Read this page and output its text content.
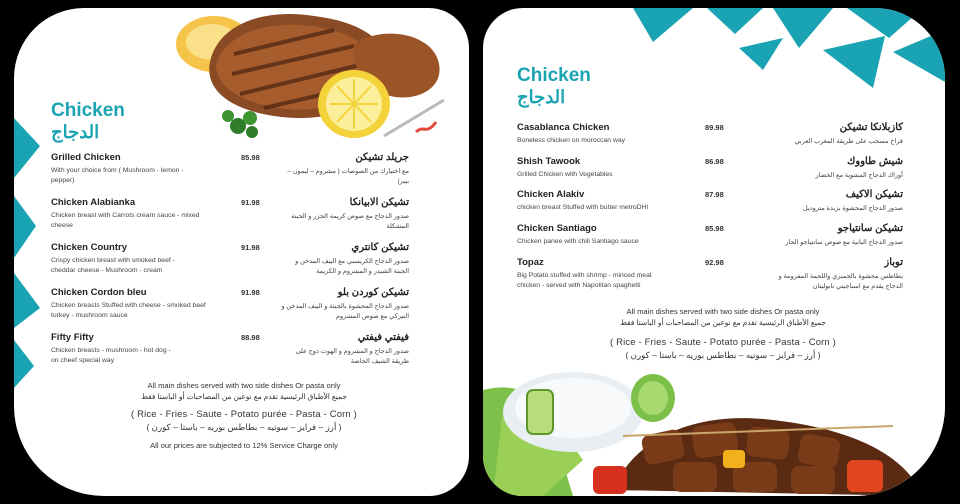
Chicken
الدجاج
Grilled Chicken
With your choice from ( Mushroom - lemon -
pepper)
85.98	جريلد تشيكن
مع اختيارك من الصوصات ( مشروم – ليمون –
بيبر)
Chicken Alabianka
Chicken breast with Carrots cream sauce - mixed
cheese
91.98	تشيكن الابيانكا
صدور الدجاج مع صوص كريمة الجزر و الجبنة
المشكلة
Chicken Country
Crispy chicken breast with smoked beef -
cheddar cheese - Mushroom - cream
91.98	تشيكن كانتري
صدور الدجاج الكريسبي مع البيف المدخن و
الجبنة الشيدر و المشروم و الكريمة
Chicken Cordon bleu
Chicken breasts Stuffed with cheese - smoked beef
turkey - mushroom sauce
91.98	تشيكن كوردن بلو
صدور الدجاج المحشوة بالجبنة و البيف المدخن و
التيركي مع صوص المشروم
Fifty Fifty
Chicken breasts - mushroom - hot dog -
on cheef special way
88.98	فيفتي فيفتي
صدور الدجاج و المشروم و الهوت دوج على
طريقة الشيف الخاصة
All main dishes served with two side dishes Or pasta only
جميع الأطباق الرئيسية تقدم مع نوعين من المصاحبات أو الباستا فقط
( Rice - Fries - Saute - Potato purée - Pasta - Corn )
( أرز – فرايز – سوتيه – بطاطس بوريه – باستا – كورن )
All our prices are subjected to 12% Service Charge only
Chicken
الدجاج
Casablanca Chicken
Boneless chicken on moroccan way
89.98	كازبلانكا تشيكن
فراخ مسحب على طريقة المغرب العربي
Shish Tawook
Grilled Chicken with Vegetables
86.98	شيش طاووك
أوراك الدجاج المشوية مع الخضار
Chicken Alakiv
chicken breast Stuffed with butter metroDHl
87.98	تشيكن الاكيف
صدور الدجاج المحشوة بزبدة متروديل
Chicken Santiago
Chicken panee with chili Santiago sauce
85.98	تشيكن سانتياجو
صدور الدجاج البانية مع صوص سانتياجو الحار
Topaz
Big Potato stuffed with shrimp - minced meat
chicken - served with Napolitan spaghetti
92.98	توباز
بطاطس محشوة بالجمبري واللحمة المفرومة و
الدجاج يقدم مع اسباجيتي نابوليتان
All main dishes served with two side dishes Or pasta only
جميع الأطباق الرئيسية تقدم مع نوعين من المصاحبات أو الباستا فقط
( Rice - Fries - Saute - Potato purée - Pasta - Corn )
( أرز – فرايز – سوتيه – بطاطس بوريه – باستا – كورن )
